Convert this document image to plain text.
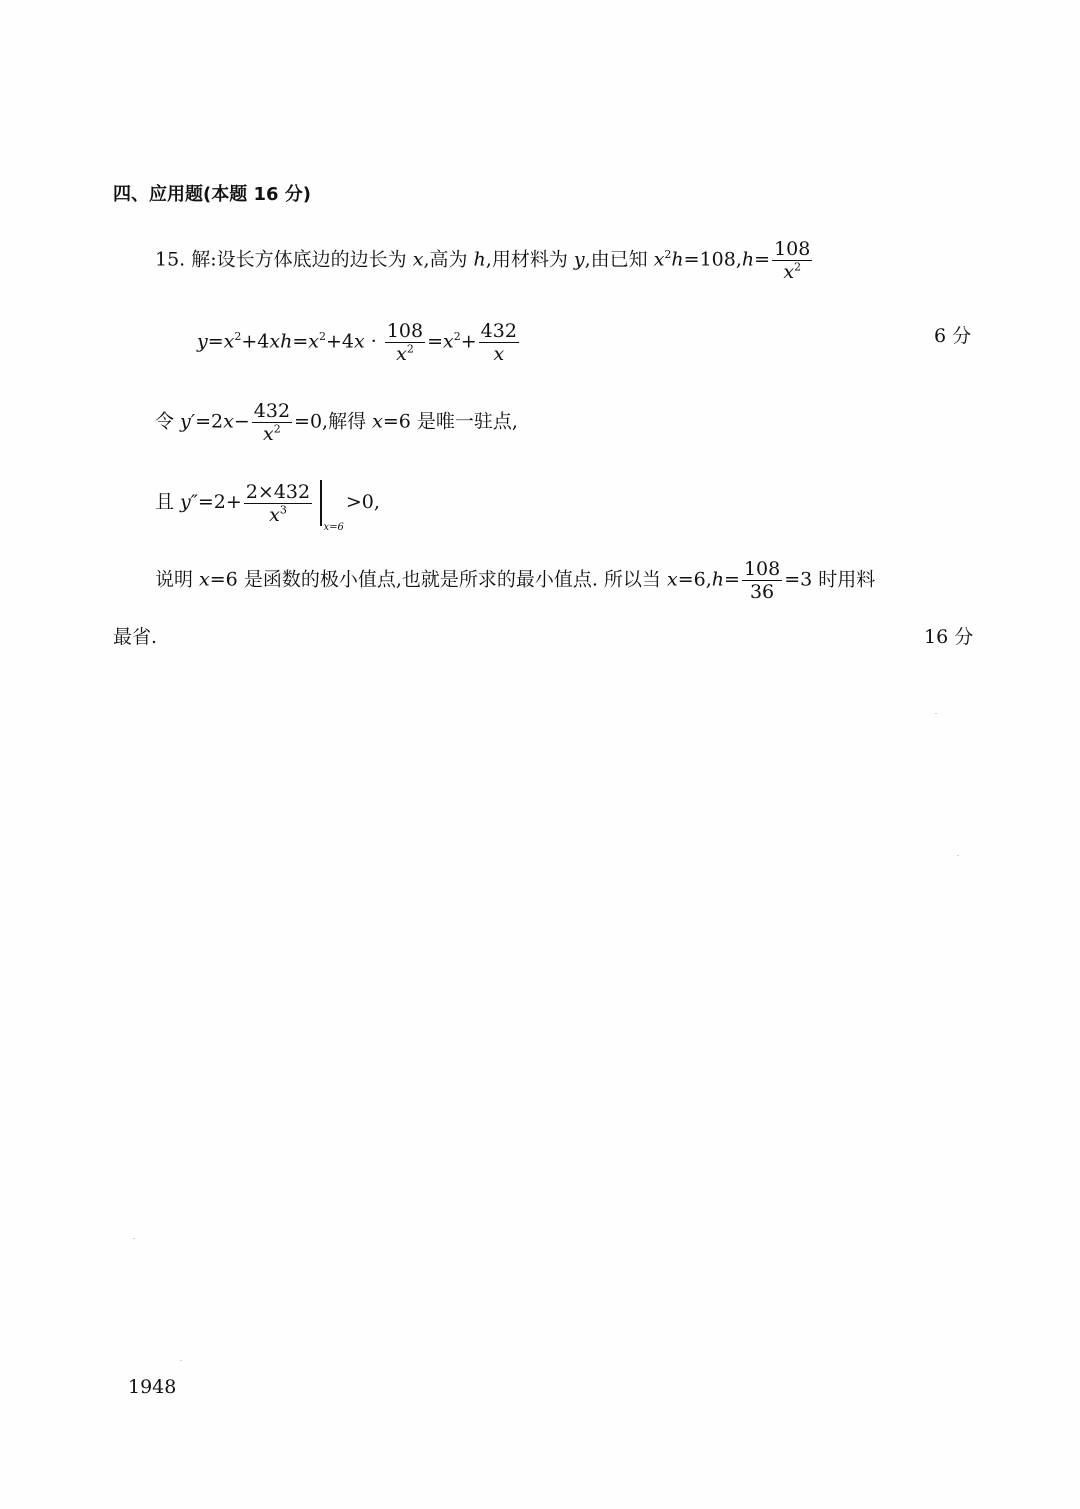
四、应用题(本题 16 分)
15. 解:设长方体底边的边长为 x,高为 h,用材料为 y,由已知 $x^2h=108,h= \frac{108}{x^2}$
$y=x^2+4xh=x^2+4x \cdot \frac{108}{x^2} =x^2+ \frac{432}{x}$	6 分
令 $y'=2x- \frac{432}{x^2} =0$,解得 x=6 是唯一驻点,
且 $y''=2+ \frac{2\times 432}{x^3}$
x=6>0,
说明 x=6 是函数的极小值点,也就是所求的最小值点. 所以当 $x=6,h= \frac{108}{36} =3$ 时用料
最省.	16 分
1948
